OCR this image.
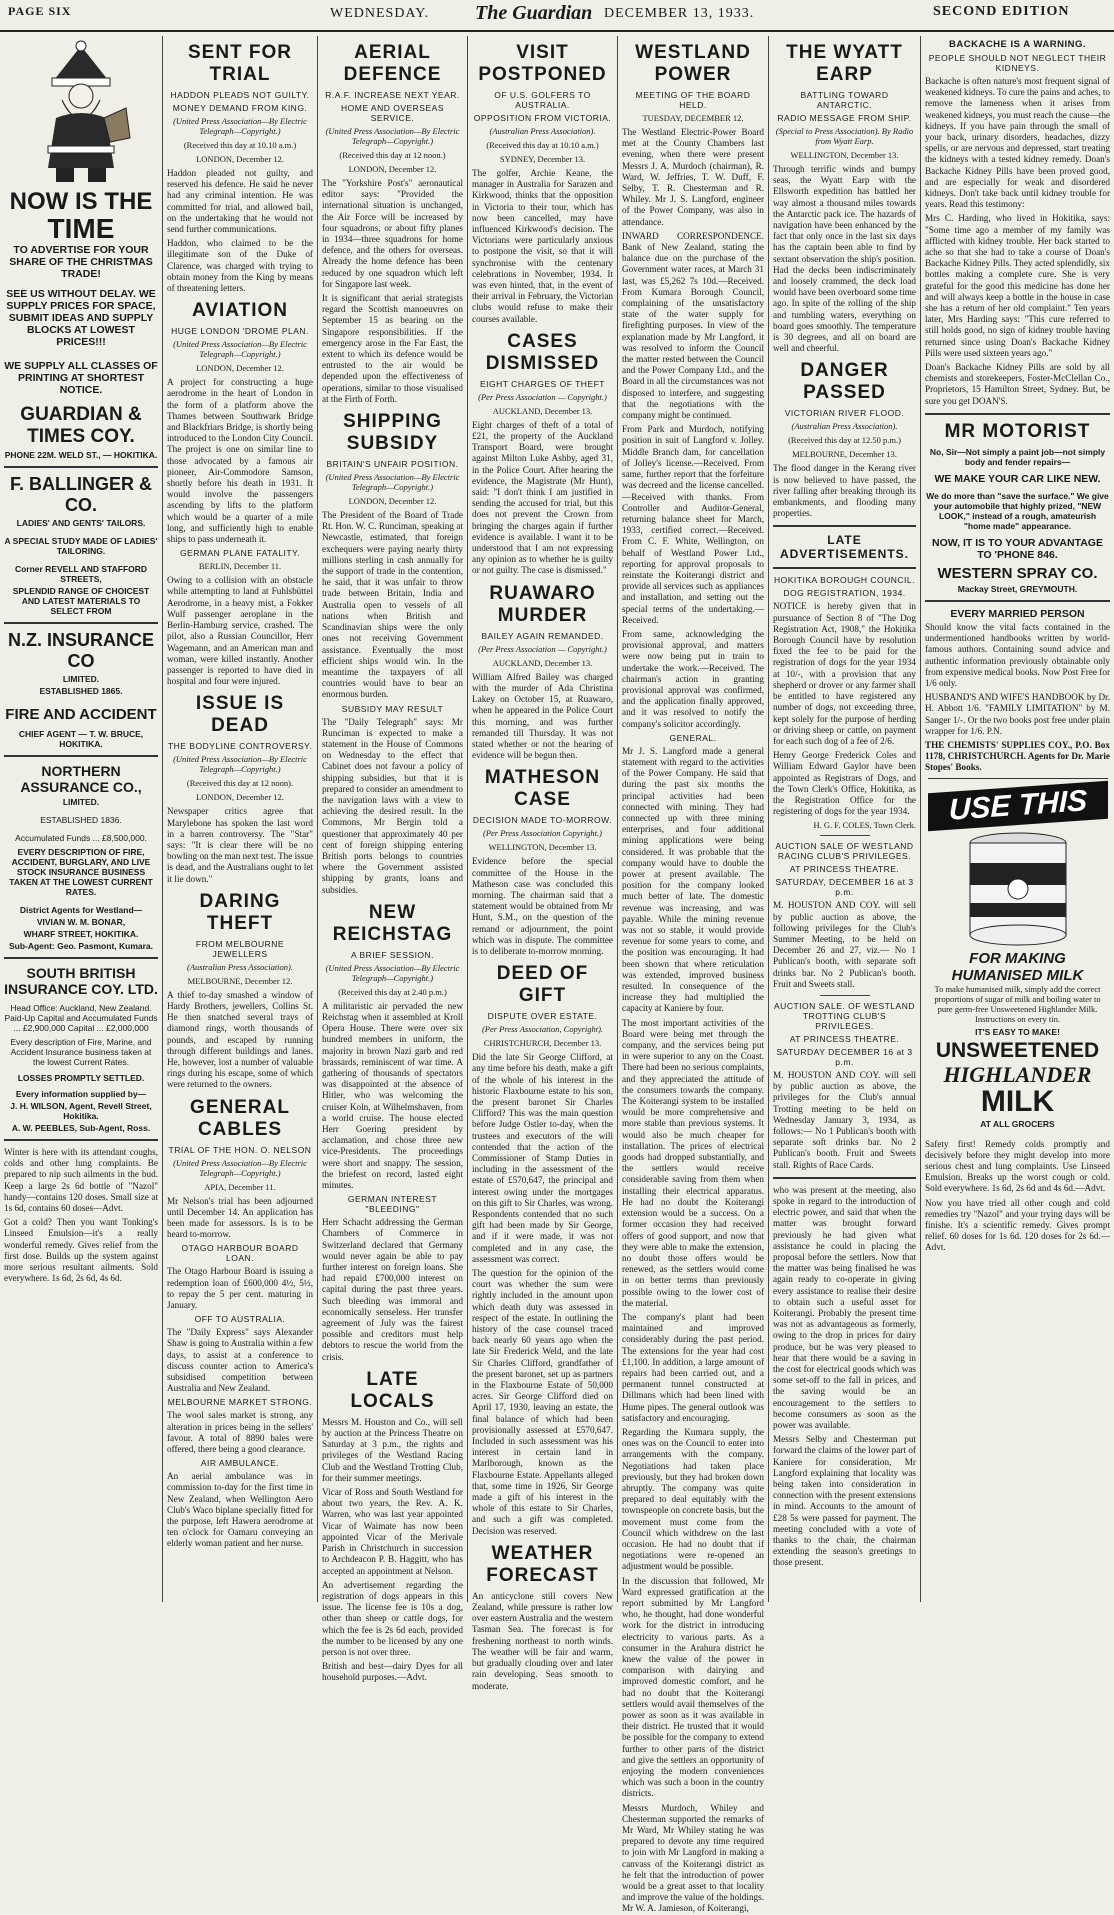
PAGE SIX	WEDNESDAY. The Guardian DECEMBER 13, 1933.	SECOND EDITION
NOW IS THE
TIME
TO ADVERTISE FOR YOUR SHARE OF THE CHRISTMAS TRADE!
SEE US WITHOUT DELAY. WE SUPPLY PRICES FOR SPACE, SUBMIT IDEAS AND SUPPLY BLOCKS AT LOWEST PRICES!!!
WE SUPPLY ALL CLASSES OF PRINTING AT SHORTEST NOTICE.
GUARDIAN & TIMES COY.
PHONE 22M. WELD ST., — HOKITIKA.
F. BALLINGER & CO.
LADIES' AND GENTS' TAILORS.
A SPECIAL STUDY MADE OF LADIES' TAILORING.
Corner REVELL AND STAFFORD STREETS,
SPLENDID RANGE OF CHOICEST AND LATEST MATERIALS TO SELECT FROM
N.Z. INSURANCE CO
LIMITED.
ESTABLISHED 1865.
FIRE AND ACCIDENT
CHIEF AGENT — T. W. BRUCE, HOKITIKA.
NORTHERN ASSURANCE CO.,
LIMITED.
ESTABLISHED 1836.
Accumulated Funds ... £8,500,000.
EVERY DESCRIPTION OF FIRE, ACCIDENT, BURGLARY, AND LIVE STOCK INSURANCE BUSINESS TAKEN AT THE LOWEST CURRENT RATES.
District Agents for Westland—
VIVIAN W. M. BONAR,
WHARF STREET, HOKITIKA.
Sub-Agent: Geo. Pasmont, Kumara.
SOUTH BRITISH INSURANCE COY. LTD.
Head Office: Auckland, New Zealand. Paid-Up Capital and Accumulated Funds ... £2,900,000 Capital ... £2,000,000
Every description of Fire, Marine, and Accident Insurance business taken at the lowest Current Rates.
LOSSES PROMPTLY SETTLED.
Every information supplied by—
J. H. WILSON, Agent, Revell Street, Hokitika.
A. W. PEEBLES, Sub-Agent, Ross.

Winter is here with its attendant coughs, colds and other lung complaints. Be prepared to nip such ailments in the bud. Keep a large 2s 6d bottle of "Nazol" handy—contains 120 doses. Small size at 1s 6d, contains 60 doses—Advt.

Got a cold? Then you want Tonking's Linseed Emulsion—it's a really wonderful remedy. Gives relief from the first dose. Builds up the system against more serious resultant ailments. Sold everywhere. 1s 6d, 2s 6d, 4s 6d.

SENT FOR TRIAL
HADDON PLEADS NOT GUILTY.
MONEY DEMAND FROM KING.
(United Press Association—By Electric Telegraph—Copyright.)
(Received this day at 10.10 a.m.)
LONDON, December 12.

Haddon pleaded not guilty, and reserved his defence. He said he never had any criminal intention. He was committed for trial, and allowed bail, on the undertaking that he would not send further communications.

Haddon, who claimed to be the illegitimate son of the Duke of Clarence, was charged with trying to obtain money from the King by means of threatening letters.

AVIATION
HUGE LONDON 'DROME PLAN.
(United Press Association—By Electric Telegraph—Copyright.)
LONDON, December 12.

A project for constructing a huge aerodrome in the heart of London in the form of a platform above the Thames between Southwark Bridge and Blackfriars Bridge, is shortly being introduced to the London City Council. The project is one on similar line to those advocated by a famous air pioneer, Air-Commodore Samson, shortly before his death in 1931. It would involve the passengers ascending by lifts to the platform which would be a quarter of a mile long, and sufficiently high to enable ships to pass underneath it.

GERMAN PLANE FATALITY.
BERLIN, December 11.

Owing to a collision with an obstacle while attempting to land at Fuhlsbüttel Aerodrome, in a heavy mist, a Fokker Wulf passenger aeroplane in the Berlin-Hamburg service, crashed. The pilot, also a Russian Councillor, Herr Wagemann, and an American man and woman, were killed instantly. Another passenger is reported to have died in hospital and four were injured.

ISSUE IS DEAD
THE BODYLINE CONTROVERSY.
(United Press Association—By Electric Telegraph—Copyright.)
(Received this day at 12 noon).
LONDON, December 12.

Newspaper critics agree that Marylebone has spoken the last word in a barren controversy. The "Star" says: "It is clear there will be no bowling on the man next test. The issue is dead, and the Australians ought to let it lie down."

DARING THEFT
FROM MELBOURNE JEWELLERS
(Australian Press Association).
MELBOURNE, December 12.

A thief to-day smashed a window of Hardy Brothers, jewellers, Collins St. He then snatched several trays of diamond rings, worth thousands of pounds, and escaped by running through different buildings and lanes. He, however, lost a number of valuable rings during his escape, some of which were returned to the owners.

GENERAL CABLES
TRIAL OF THE HON. O. NELSON
(United Press Association—By Electric Telegraph—Copyright.)
APIA, December 11.

Mr Nelson's trial has been adjourned until December 14. An application has been made for assessors. Is is to be heard to-morrow.

OTAGO HARBOUR BOARD LOAN.

The Otago Harbour Board is issuing a redemption loan of £600,000 4½, 5½, to repay the 5 per cent. maturing in January.

OFF TO AUSTRALIA.

The "Daily Express" says Alexander Shaw is going to Australia within a few days, to assist at a conference to discuss counter action to America's subsidised competition between Australia and New Zealand.

MELBOURNE MARKET STRONG.

The wool sales market is strong, any alteration in prices being in the sellers' favour. A total of 8890 bales were offered, there being a good clearance.

AIR AMBULANCE.

An aerial ambulance was in commission to-day for the first time in New Zealand, when Wellington Aero Club's Waco biplane specially fitted for the purpose, left Hawera aerodrome at ten o'clock for Oamaru conveying an elderly woman patient and her nurse.

AERIAL DEFENCE
R.A.F. INCREASE NEXT YEAR.
HOME AND OVERSEAS SERVICE.
(United Press Association—By Electric Telegraph—Copyright.)
(Received this day at 12 noon.)
LONDON, December 12.

The "Yorkshire Post's" aeronautical editor says: "Provided the international situation is unchanged, the Air Force will be increased by four squadrons, or about fifty planes in 1934—three squadrons for home defence, and the others for overseas. Already the home defence has been reduced by one squadron which left for Singapore last week.

It is significant that aerial strategists regard the Scottish manoeuvres on September 15 as bearing on the Singapore responsibilities. If the emergency arose in the Far East, the extent to which its defence would be entrusted to the air would be depended upon the effectiveness of operations, similar to those visualised at the Firth of Forth.

SHIPPING SUBSIDY
BRITAIN'S UNFAIR POSITION.
(United Press Association—By Electric Telegraph—Copyright.)
LONDON, December 12.

The President of the Board of Trade Rt. Hon. W. C. Runciman, speaking at Newcastle, estimated, that foreign exchequers were paying nearly thirty millions sterling in cash annually for the support of trade in the contention, he said, that it was unfair to throw trade between Britain, India and Australia open to vessels of all nations when British and Scandinavian ships were the only ones not receiving Government assistance. Eventually the most efficient ships would win. In the meantime the taxpayers of all countries would have to bear an enormous burden.

SUBSIDY MAY RESULT

The "Daily Telegraph" says: Mr Runciman is expected to make a statement in the House of Commons on Wednesday to the effect that Cabinet does not favour a policy of shipping subsidies, but that it is prepared to consider an amendment to the navigation laws with a view to achieving the desired result. In the Commons, Mr Bergin told a questioner that approximately 40 per cent of foreign shipping entering British ports belongs to countries where the Government assisted shipping by grants, loans and subsidies.

NEW REICHSTAG
A BRIEF SESSION.
(United Press Association—By Electric Telegraph—Copyright.)
(Received this day at 2.40 p.m.)

A militaristic air pervaded the new Reichstag when it assembled at Kroll Opera House. There were over six hundred members in uniform, the majority in brown Nazi garb and red brassards, reminiscent of war time. A gathering of thousands of spectators was disappointed at the absence of Hitler, who was welcoming the cruiser Koln, at Wilhelmshaven, from a world cruise. The house elected Herr Goering president by acclamation, and chose three new vice-Presidents. The proceedings were short and snappy. The session, the briefest on record, lasted eight minutes.

GERMAN INTEREST "BLEEDING"

Herr Schacht addressing the German Chambers of Commerce in Switzerland declared that Germany would never again be able to pay further interest on foreign loans. She had repaid £700,000 interest on capital during the past three years. Such bleeding was immoral and economically senseless. Her transfer agreement of July was the fairest possible and creditors must help debtors to rescue the world from the crisis.

LATE LOCALS

Messrs M. Houston and Co., will sell by auction at the Princess Theatre on Saturday at 3 p.m., the rights and privileges of the Westland Racing Club and the Westland Trotting Club, for their summer meetings.

Vicar of Ross and South Westland for about two years, the Rev. A. K. Warren, who was last year appointed Vicar of Waimate has now been appointed Vicar of the Merivale Parish in Christchurch in succession to Archdeacon P. B. Haggitt, who has accepted an appointment at Nelson.

An advertisement regarding the registration of dogs appears in this issue. The license fee is 10s a dog, other than sheep or cattle dogs, for which the fee is 2s 6d each, provided the number to be licensed by any one person is not over three.

British and best—dairy Dyes for all household purposes.—Advt.

VISIT POSTPONED
OF U.S. GOLFERS TO AUSTRALIA.
OPPOSITION FROM VICTORIA.
(Australian Press Association).
(Received this day at 10.10 a.m.)
SYDNEY, December 13.

The golfer, Archie Keane, the manager in Australia for Sarazen and Kirkwood, thinks that the opposition in Victoria to their tour, which has now been cancelled, may have influenced Kirkwood's decision. The Victorians were particularly anxious to postpone the visit, so that it will synchronise with the centenary celebrations in November, 1934. It was even hinted, that, in the event of their arrival in February, the Victorian clubs would refuse to make their courses available.

CASES DISMISSED
EIGHT CHARGES OF THEFT
(Per Press Association — Copyright.)
AUCKLAND, December 13.

Eight charges of theft of a total of £21, the property of the Auckland Transport Board, were brought against Milton Luke Ashby, aged 31, in the Police Court. After hearing the evidence, the Magistrate (Mr Hunt), said: "I don't think I am justified in sending the accused for trial, but this does not prevent the Crown from bringing the charges again if further evidence is available. I want it to be understood that I am not expressing any opinion as to whether he is guilty or not guilty. The case is dismissed."

RUAWARO MURDER
BAILEY AGAIN REMANDED.
(Per Press Association — Copyright.)
AUCKLAND, December 13.

William Alfred Bailey was charged with the murder of Ada Christina Lakey on October 15, at Ruawaro, when he appeared in the Police Court this morning, and was further remanded till Thursday. It was not stated whether or not the hearing of evidence will be begun then.

MATHESON CASE
DECISION MADE TO-MORROW.
(Per Press Association Copyright.)
WELLINGTON, December 13.

Evidence before the special committee of the House in the Matheson case was concluded this morning. The chairman said that a statement would be obtained from Mr Hunt, S.M., on the question of the remand or adjournment, the point which was in dispute. The committee is to deliberate to-morrow morning.

DEED OF GIFT
DISPUTE OVER ESTATE.
(Per Press Association, Copyright).
CHRISTCHURCH, December 13.

Did the late Sir George Clifford, at any time before his death, make a gift of the whole of his interest in the historic Flaxbourne estate to his son, the present baronet Sir Charles Clifford? This was the main question before Judge Ostler to-day, when the trustees and executors of the will contended that the action of the Commissioner of Stamp Duties in including in the assessment of the estate of £570,647, the principal and interest owing under the mortgages on this gift to Sir Charles, was wrong. Respondents contended that no such gift had been made by Sir George, and if it were made, it was not completed and in any case, the assessment was correct.

The question for the opinion of the court was whether the sum were rightly included in the amount upon which death duty was assessed in respect of the estate. In outlining the history of the case counsel traced back nearly 60 years ago when the late Sir Frederick Weld, and the late Sir Charles Clifford, grandfather of the present baronet, set up as partners in the Flaxbourne Estate of 50,000 acres. Sir George Clifford died on April 17, 1930, leaving an estate, the final balance of which had been provisionally assessed at £570,647. Included in such assessment was his interest in certain land in Marlborough, known as the Flaxbourne Estate. Appellants alleged that, some time in 1926, Sir George made a gift of his interest in the whole of this estate to Sir Charles, and such a gift was completed. Decision was reserved.

WEATHER FORECAST

An anticyclone still covers New Zealand, while pressure is rather low over eastern Australia and the western Tasman Sea. The forecast is for freshening northeast to north winds. The weather will be fair and warm, but gradually clouding over and later rain developing. Seas smooth to moderate.

WESTLAND POWER
MEETING OF THE BOARD HELD.
TUESDAY, DECEMBER 12.

The Westland Electric-Power Board met at the County Chambers last evening, when there were present Messrs J. A. Murdoch (chairman), R. Ward, W. Jeffries, T. W. Duff, F. Selby, T. R. Chesterman and R. Whiley. Mr J. S. Langford, engineer of the Power Company, was also in attendance.

INWARD CORRESPONDENCE. Bank of New Zealand, stating the balance due on the purchase of the Government water races, at March 31 last, was £5,262 7s 10d.—Received. From Kumara Borough Council, complaining of the unsatisfactory state of the water supply for firefighting purposes. In view of the explanation made by Mr Langford, it was resolved to inform the Council the matter rested between the Council and the Power Company Ltd., and the Board in all the circumstances was not disposed to interfere, and suggesting that the negotiations with the company might be continued.

From Park and Murdoch, notifying position in suit of Langford v. Jolley. Middle Branch dam, for cancellation of Jolley's license.—Received. From same, further report that the forfeiture was decreed and the license cancelled.—Received with thanks. From Controller and Auditor-General, returning balance sheet for March, 1933, certified correct.—Received. From C. F. White, Wellington, on behalf of Westland Power Ltd., reporting for approval proposals to reinstate the Koiterangi district and provide all services such as appliances and installation, and setting out the special terms of the undertaking.—Received.

From same, acknowledging the provisional approval, and matters were now being put in train to undertake the work.—Received. The chairman's action in granting provisional approval was confirmed, and the application finally approved, and it was resolved to notify the company's solicitor accordingly.

GENERAL.

Mr J. S. Langford made a general statement with regard to the activities of the Power Company. He said that during the past six months the principal activities had been connected with mining. They had connected up with three mining enterprises, and four additional mining applications were being considered. It was probable that the company would have to double the power at present available. The position for the company looked much better of late. The domestic revenue was increasing, and was payable. While the mining revenue was not so stable, it would provide revenue for some years to come, and the position was encouraging. It had been shown that where reticulation was extended, improved business resulted. In consequence of the increase they had multiplied the capacity at Kaniere by four.

The most important activities of the Board were being met through the company, and the services being put in were superior to any on the Coast. There had been no serious complaints, and they appreciated the attitude of the consumers towards the company. The Koiterangi system to be installed would be more comprehensive and more stable than previous systems. It would also be much cheaper for installation. The prices of electrical goods had dropped substantially, and the settlers would receive considerable saving from them when installing their electrical apparatus. He had no doubt the Koiterangi extension would be a success. On a former occasion they had received offers of good support, and now that they were able to make the extension, no doubt those offers would be renewed, as the settlers would come in on better terms than previously possible owing to the lower cost of the material.

The company's plant had been maintained and improved considerably during the past period. The extensions for the year had cost £1,100. In addition, a large amount of repairs had been carried out, and a permanent tunnel constructed at Dillmans which had been lined with Hume pipes. The general outlook was satisfactory and encouraging.

Regarding the Kumara supply, the ones was on the Council to enter into arrangements with the company. Negotiations had taken place previously, but they had broken down abruptly. The company was quite prepared to deal equitably with the townspeople on concrete basis, but the movement must come from the Council which withdrew on the last occasion. He had no doubt that if negotiations were re-opened an adjustment would be possible.

In the discussion that followed, Mr Ward expressed gratification at the report submitted by Mr Langford who, he thought, had done wonderful work for the district in introducing electricity to various parts. As a consumer in the Arahura district he knew the value of the power in comparison with dairying and improved domestic comfort, and he had no doubt that the Koiterangi settlers would avail themselves of the power as soon as it was available in their district. He trusted that it would be possible for the company to extend further to other parts of the district and give the settlers an opportunity of enjoying the modern conveniences which was such a boon in the country districts.

Messrs Murdoch, Whiley and Chesterman supported the remarks of Mr Ward, Mr Whiley stating he was prepared to devote any time required to join with Mr Langford in making a canvass of the Koiterangi district as he felt that the introduction of power would be a great asset to that locality and improve the value of the holdings. Mr W. A. Jamieson, of Koiterangi,

THE WYATT EARP
BATTLING TOWARD ANTARCTIC.
RADIO MESSAGE FROM SHIP.
(Special to Press Association). By Radio from Wyatt Earp.
WELLINGTON, December 13.

Through terrific winds and bumpy seas, the Wyatt Earp with the Ellsworth expedition has battled her way almost a thousand miles towards the Antarctic pack ice. The hazards of navigation have been enhanced by the fact that only once in the last six days has the captain been able to find by sextant observation the ship's position. Had the decks been indiscriminately and loosely crammed, the deck load would have been overboard some time ago. In spite of the rolling of the ship and tumbling waters, everything on board goes smoothly. The temperature is 30 degrees, and all on board are well and cheerful.

DANGER PASSED
VICTORIAN RIVER FLOOD.
(Australian Press Association).
(Received this day at 12.50 p.m.)
MELBOURNE, December 13.

The flood danger in the Kerang river is now believed to have passed, the river falling after breaking through its embankments, and flooding many properties.

LATE ADVERTISEMENTS.
HOKITIKA BOROUGH COUNCIL.
DOG REGISTRATION, 1934.

NOTICE is hereby given that in pursuance of Section 8 of "The Dog Registration Act, 1908," the Hokitika Borough Council have by resolution fixed the fee to be paid for the registration of dogs for the year 1934 at 10/-, with a provision that any shepherd or drover or any farmer shall be entitled to have registered any number of dogs, not exceeding three, kept solely for the purpose of herding or driving sheep or cattle, on payment for each such dog of a fee of 2/6.

Henry George Frederick Coles and William Edward Gaylor have been appointed as Registrars of Dogs, and the Town Clerk's Office, Hokitika, as the Registration Office for the registering of dogs for the year 1934.

H. G. F. COLES, Town Clerk.
AUCTION SALE OF WESTLAND RACING CLUB'S PRIVILEGES.
AT PRINCESS THEATRE.
SATURDAY, DECEMBER 16 at 3 p.m.

M. HOUSTON AND COY. will sell by public auction as above, the following privileges for the Club's Summer Meeting, to be held on December 26 and 27, viz.— No 1 Publican's booth, with separate soft drinks bar. No 2 Publican's booth. Fruit and Sweets stall.

AUCTION SALE. OF WESTLAND TROTTING CLUB'S PRIVILEGES.
AT PRINCESS THEATRE.
SATURDAY DECEMBER 16 at 3 p.m.

M. HOUSTON AND COY. will sell by public auction as above, the privileges for the Club's annual Trotting meeting to be held on Wednesday January 3, 1934, as follows:— No 1 Publican's booth with separate soft drinks bar. No 2 Publican's booth. Fruit and Sweets stall. Rights of Race Cards.

who was present at the meeting, also spoke in regard to the introduction of electric power, and said that when the matter was brought forward previously he had given what assistance he could in placing the proposal before the settlers. Now that the matter was being finalised he was again ready to co-operate in giving every assistance to realise their desire to obtain such a useful asset for Koiterangi. Probably the present time was not as advantageous as formerly, owing to the drop in prices for dairy produce, but he was very pleased to hear that there would be a saving in the cost for electrical goods which was some set-off to the fall in prices, and the saving would be an encouragement to the settlers to become consumers as soon as the power was available.

Messrs Selby and Chesterman put forward the claims of the lower part of Kaniere for consideration, Mr Langford explaining that locality was being taken into consideration in connection with the present extensions in mind. Accounts to the amount of £28 5s were passed for payment. The meeting concluded with a vote of thanks to the chair, the chairman extending the season's greetings to those present.

BACKACHE IS A WARNING.
PEOPLE SHOULD NOT NEGLECT THEIR KIDNEYS.

Backache is often nature's most frequent signal of weakened kidneys. To cure the pains and aches, to remove the lameness when it arises from weakened kidneys, you must reach the cause—the kidneys. If you have pain through the small of your back, urinary disorders, headaches, dizzy spells, or are nervous and depressed, start treating the kidneys with a tested kidney remedy. Doan's Backache Kidney Pills have been proved good, and are especially for weak and disordered kidneys. Don't take back until kidney trouble for years. Read this testimony:

Mrs C. Harding, who lived in Hokitika, says: "Some time ago a member of my family was afflicted with kidney trouble. Her back started to ache so that she had to take a course of Doan's Backache Kidney Pills. They acted splendidly, six bottles making a complete cure. She is very grateful for the good this medicine has done her and will always keep a bottle in the house in case she has a return of her old complaint." Ten years later, Mrs Harding says: "This cure referred to still holds good, no sign of kidney trouble having returned since using Doan's Backache Kidney Pills were used sixteen years ago."

Doan's Backache Kidney Pills are sold by all chemists and storekeepers, Foster-McClellan Co., Proprietors, 15 Hamilton Street, Sydney. But, be sure you get DOAN'S.

MR MOTORIST
No, Sir—Not simply a paint job—not simply body and fender repairs—
WE MAKE YOUR CAR LIKE NEW.
We do more than "save the surface." We give your automobile that highly prized, "NEW LOOK," instead of a rough, amateurish "home made" appearance.
NOW, IT IS TO YOUR ADVANTAGE TO 'PHONE 846.
WESTERN SPRAY CO.
Mackay Street, GREYMOUTH.
EVERY MARRIED PERSON

Should know the vital facts contained in the undermentioned handbooks written by world-famous authors. Containing sound advice and authentic information previously obtainable only from expensive medical books. Now Post Free for 1/6 only.

HUSBAND'S AND WIFE'S HANDBOOK by Dr. H. Abbott 1/6. "FAMILY LIMITATION" by M. Sanger 1/-. Or the two books post free under plain wrapper for 1/6. P.N.

THE CHEMISTS' SUPPLIES COY., P.O. Box 1178, CHRISTCHURCH. Agents for Dr. Marie Stopes' Books.

USE THIS
FOR MAKING HUMANISED MILK

To make humanised milk, simply add the correct proportions of sugar of milk and boiling water to pure germ-free Unsweetened Highlander Milk. Instructions on every tin.

IT'S EASY TO MAKE!
UNSWEETENED
HIGHLANDER
MILK
AT ALL GROCERS

Safety first! Remedy colds promptly and decisively before they might develop into more serious chest and lung complaints. Use Linseed Emulsion. Breaks up the worst cough or cold. Sold everywhere. 1s 6d, 2s 6d and 4s 6d.—Advt.

Now you have tried all other cough and cold remedies try "Nazol" and your trying days will be finishe. It's a scientific remedy. Gives prompt relief. 60 doses for 1s 6d. 120 doses for 2s 6d.—Advt.
